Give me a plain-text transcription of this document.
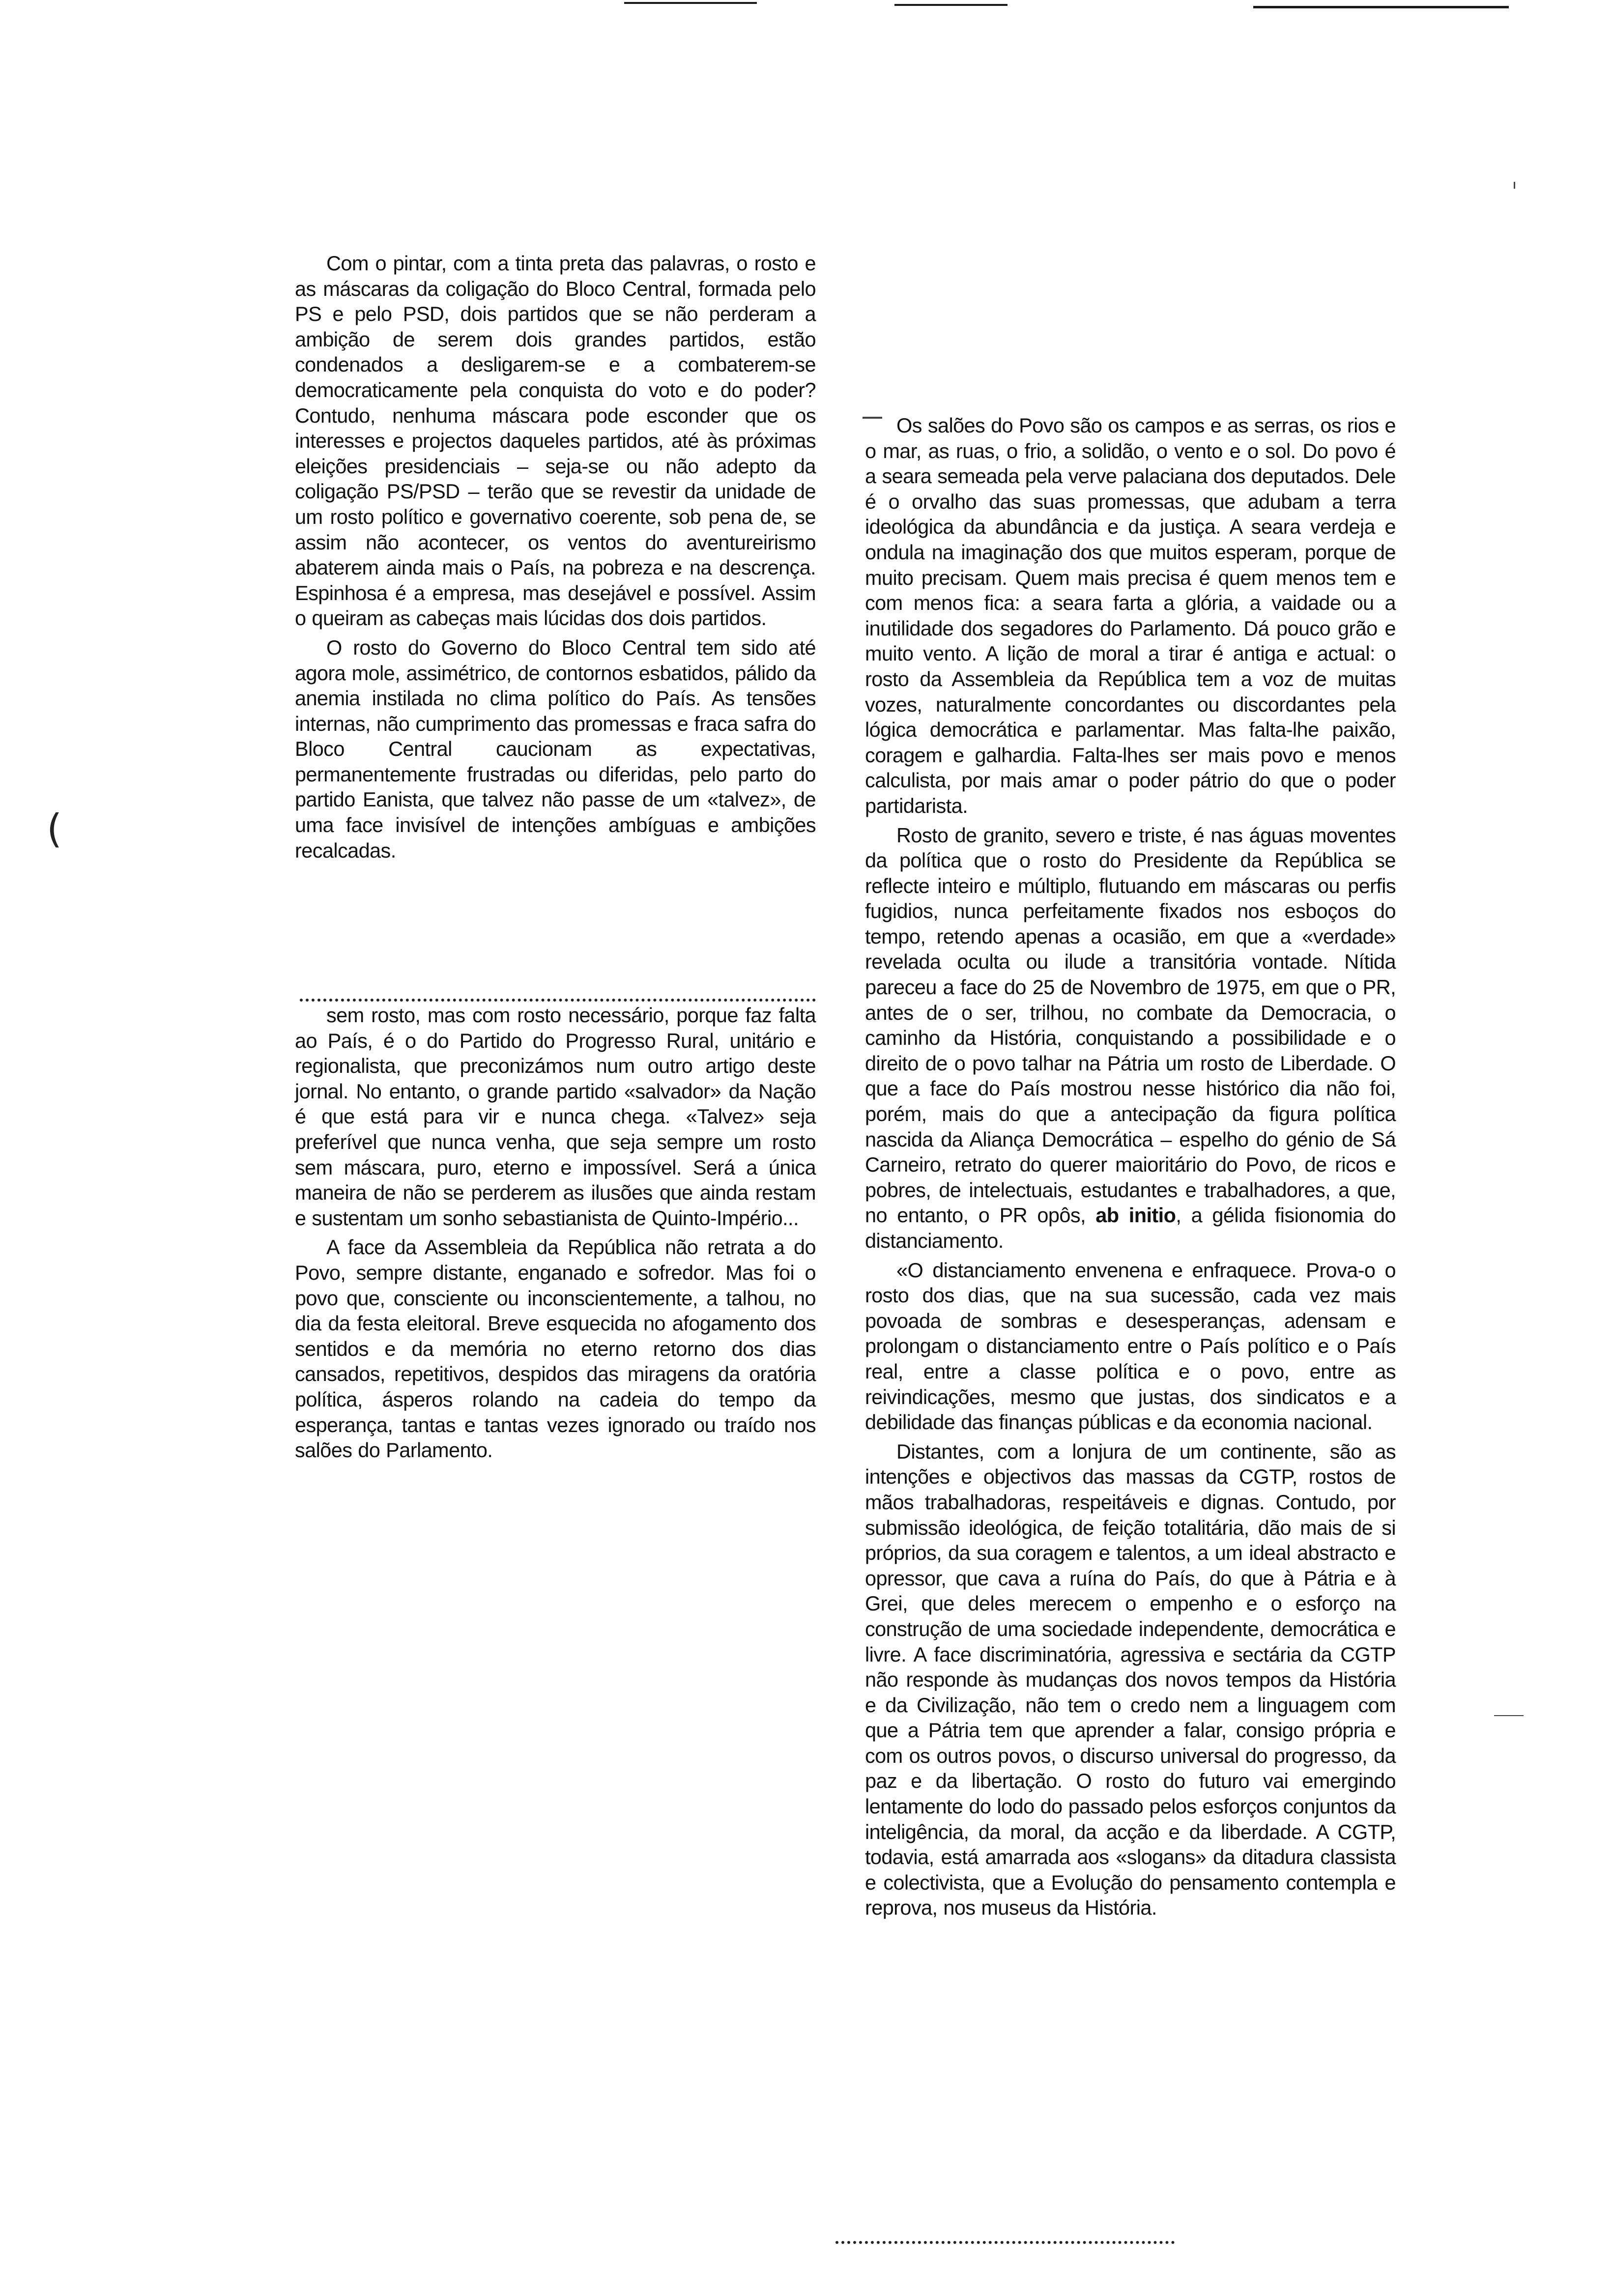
Com o pintar, com a tinta preta das palavras, o rosto e as máscaras da coligação do Bloco Central, formada pelo PS e pelo PSD, dois partidos que se não perderam a ambição de serem dois grandes partidos, estão condenados a desligarem-se e a combaterem-se democraticamente pela conquista do voto e do poder? Contudo, nenhuma máscara pode esconder que os interesses e projectos daqueles partidos, até às próximas eleições presidenciais – seja-se ou não adepto da coligação PS/PSD – terão que se revestir da unidade de um rosto político e governativo coerente, sob pena de, se assim não acontecer, os ventos do aventureirismo abaterem ainda mais o País, na pobreza e na descrença. Espinhosa é a empresa, mas desejável e possível. Assim o queiram as cabeças mais lúcidas dos dois partidos.

O rosto do Governo do Bloco Central tem sido até agora mole, assimétrico, de contornos esbatidos, pálido da anemia instilada no clima político do País. As tensões internas, não cumprimento das promessas e fraca safra do Bloco Central caucionam as expectativas, permanentemente frustradas ou diferidas, pelo parto do partido Eanista, que talvez não passe de um «talvez», de uma face invisível de intenções ambíguas e ambições recalcadas.

sem rosto, mas com rosto necessário, porque faz falta ao País, é o do Partido do Progresso Rural, unitário e regionalista, que preconizámos num outro artigo deste jornal. No entanto, o grande partido «salvador» da Nação é que está para vir e nunca chega. «Talvez» seja preferível que nunca venha, que seja sempre um rosto sem máscara, puro, eterno e impossível. Será a única maneira de não se perderem as ilusões que ainda restam e sustentam um sonho sebastianista de Quinto-Império...

A face da Assembleia da República não retrata a do Povo, sempre distante, enganado e sofredor. Mas foi o povo que, consciente ou inconscientemente, a talhou, no dia da festa eleitoral. Breve esquecida no afogamento dos sentidos e da memória no eterno retorno dos dias cansados, repetitivos, despidos das miragens da oratória política, ásperos rolando na cadeia do tempo da esperança, tantas e tantas vezes ignorado ou traído nos salões do Parlamento.

Os salões do Povo são os campos e as serras, os rios e o mar, as ruas, o frio, a solidão, o vento e o sol. Do povo é a seara semeada pela verve palaciana dos deputados. Dele é o orvalho das suas promessas, que adubam a terra ideológica da abundância e da justiça. A seara verdeja e ondula na imaginação dos que muitos esperam, porque de muito precisam. Quem mais precisa é quem menos tem e com menos fica: a seara farta a glória, a vaidade ou a inutilidade dos segadores do Parlamento. Dá pouco grão e muito vento. A lição de moral a tirar é antiga e actual: o rosto da Assembleia da República tem a voz de muitas vozes, naturalmente concordantes ou discordantes pela lógica democrática e parlamentar. Mas falta-lhe paixão, coragem e galhardia. Falta-lhes ser mais povo e menos calculista, por mais amar o poder pátrio do que o poder partidarista.

Rosto de granito, severo e triste, é nas águas moventes da política que o rosto do Presidente da República se reflecte inteiro e múltiplo, flutuando em máscaras ou perfis fugidios, nunca perfeitamente fixados nos esboços do tempo, retendo apenas a ocasião, em que a «verdade» revelada oculta ou ilude a transitória vontade. Nítida pareceu a face do 25 de Novembro de 1975, em que o PR, antes de o ser, trilhou, no combate da Democracia, o caminho da História, conquistando a possibilidade e o direito de o povo talhar na Pátria um rosto de Liberdade. O que a face do País mostrou nesse histórico dia não foi, porém, mais do que a antecipação da figura política nascida da Aliança Democrática – espelho do génio de Sá Carneiro, retrato do querer maioritário do Povo, de ricos e pobres, de intelectuais, estudantes e trabalhadores, a que, no entanto, o PR opôs, ab initio, a gélida fisionomia do distanciamento.

«O distanciamento envenena e enfraquece. Prova-o o rosto dos dias, que na sua sucessão, cada vez mais povoada de sombras e desesperanças, adensam e prolongam o distanciamento entre o País político e o País real, entre a classe política e o povo, entre as reivindicações, mesmo que justas, dos sindicatos e a debilidade das finanças públicas e da economia nacional.

Distantes, com a lonjura de um continente, são as intenções e objectivos das massas da CGTP, rostos de mãos trabalhadoras, respeitáveis e dignas. Contudo, por submissão ideológica, de feição totalitária, dão mais de si próprios, da sua coragem e talentos, a um ideal abstracto e opressor, que cava a ruína do País, do que à Pátria e à Grei, que deles merecem o empenho e o esforço na construção de uma sociedade independente, democrática e livre. A face discriminatória, agressiva e sectária da CGTP não responde às mudanças dos novos tempos da História e da Civilização, não tem o credo nem a linguagem com que a Pátria tem que aprender a falar, consigo própria e com os outros povos, o discurso universal do progresso, da paz e da libertação. O rosto do futuro vai emergindo lentamente do lodo do passado pelos esforços conjuntos da inteligência, da moral, da acção e da liberdade. A CGTP, todavia, está amarrada aos «slogans» da ditadura classista e colectivista, que a Evolução do pensamento contempla e reprova, nos museus da História.

(
